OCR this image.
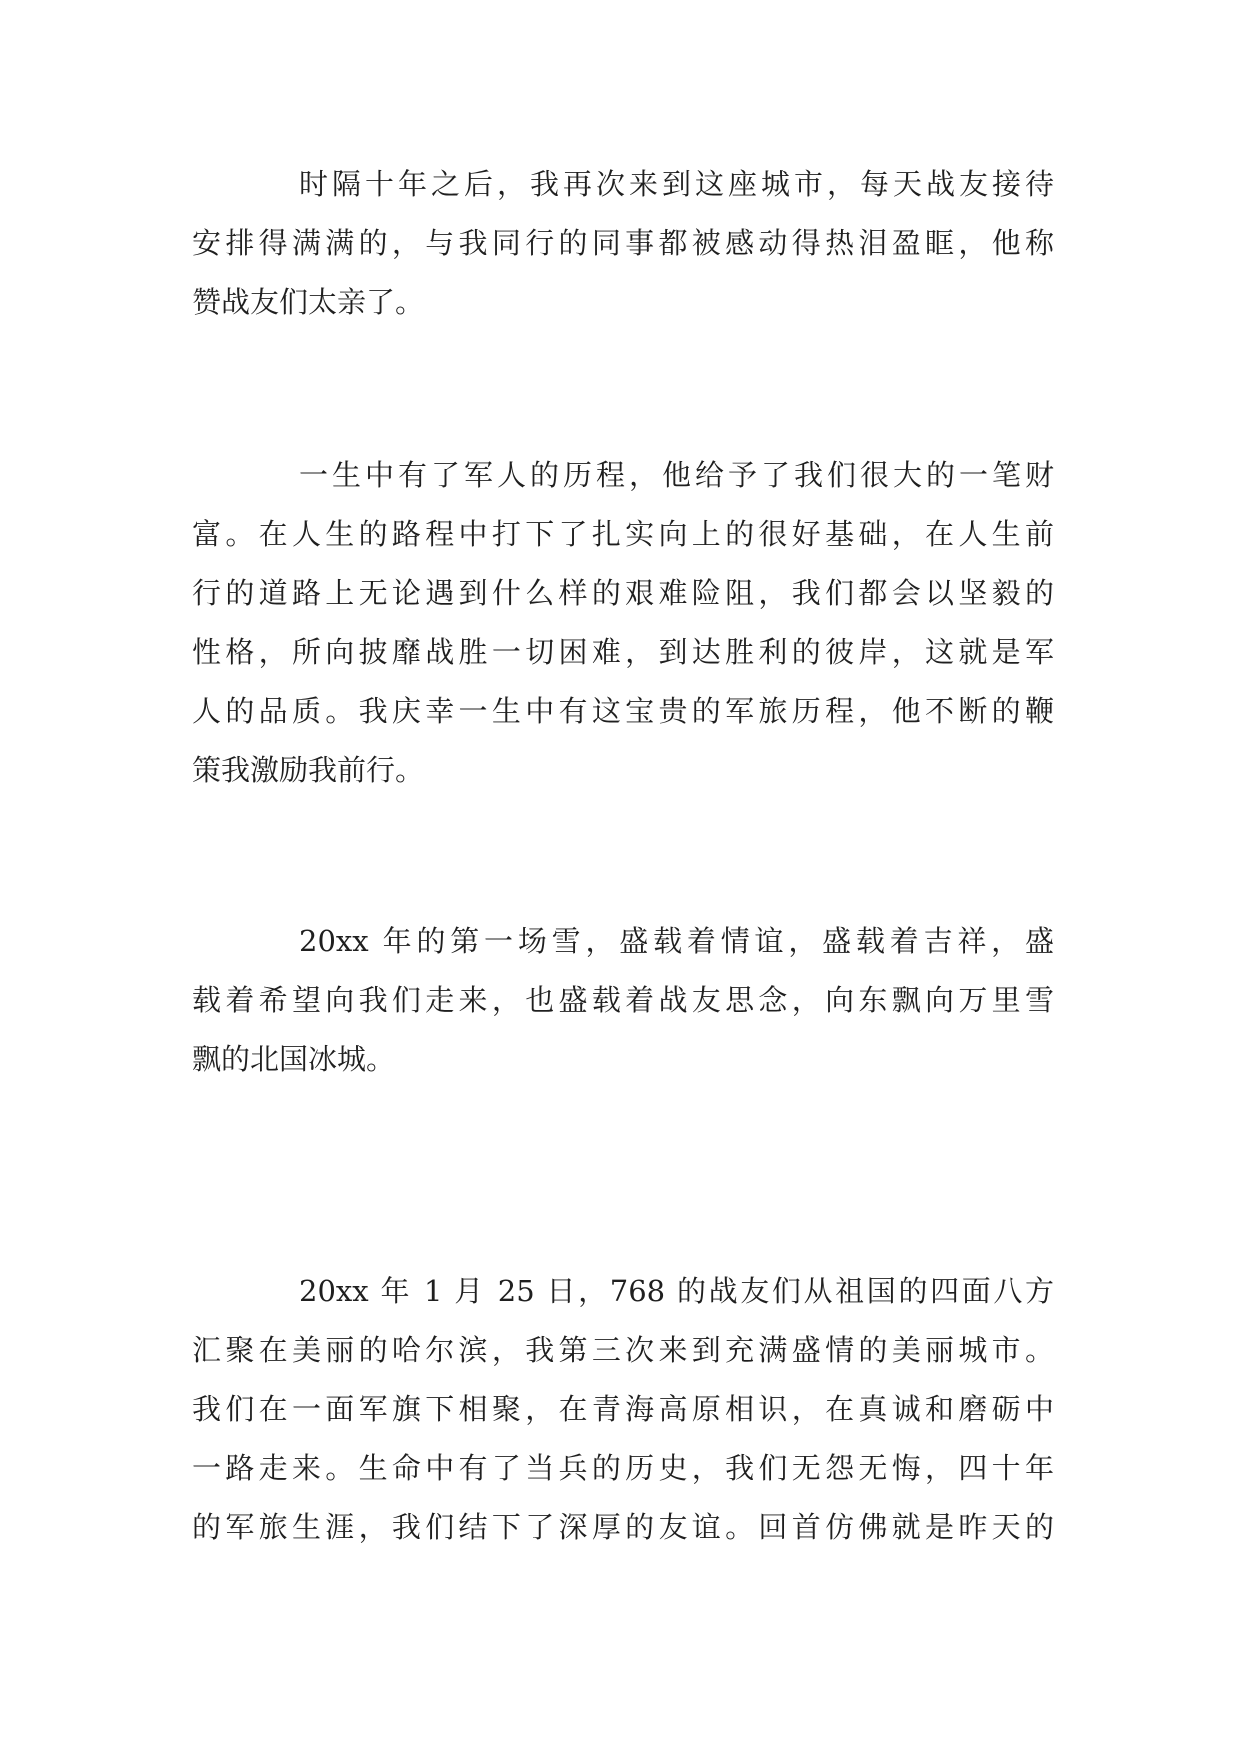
时隔十年之后，我再次来到这座城市，每天战友接待
安排得满满的，与我同行的同事都被感动得热泪盈眶，他称
赞战友们太亲了。
一生中有了军人的历程，他给予了我们很大的一笔财
富。在人生的路程中打下了扎实向上的很好基础，在人生前
行的道路上无论遇到什么样的艰难险阻，我们都会以坚毅的
性格，所向披靡战胜一切困难，到达胜利的彼岸，这就是军
人的品质。我庆幸一生中有这宝贵的军旅历程，他不断的鞭
策我激励我前行。
20xx 年的第一场雪，盛载着情谊，盛载着吉祥，盛
载着希望向我们走来，也盛载着战友思念，向东飘向万里雪
飘的北国冰城。
20xx 年 1 月 25 日，768 的战友们从祖国的四面八方
汇聚在美丽的哈尔滨，我第三次来到充满盛情的美丽城市。
我们在一面军旗下相聚，在青海高原相识，在真诚和磨砺中
一路走来。生命中有了当兵的历史，我们无怨无悔，四十年
的军旅生涯，我们结下了深厚的友谊。回首仿佛就是昨天的
